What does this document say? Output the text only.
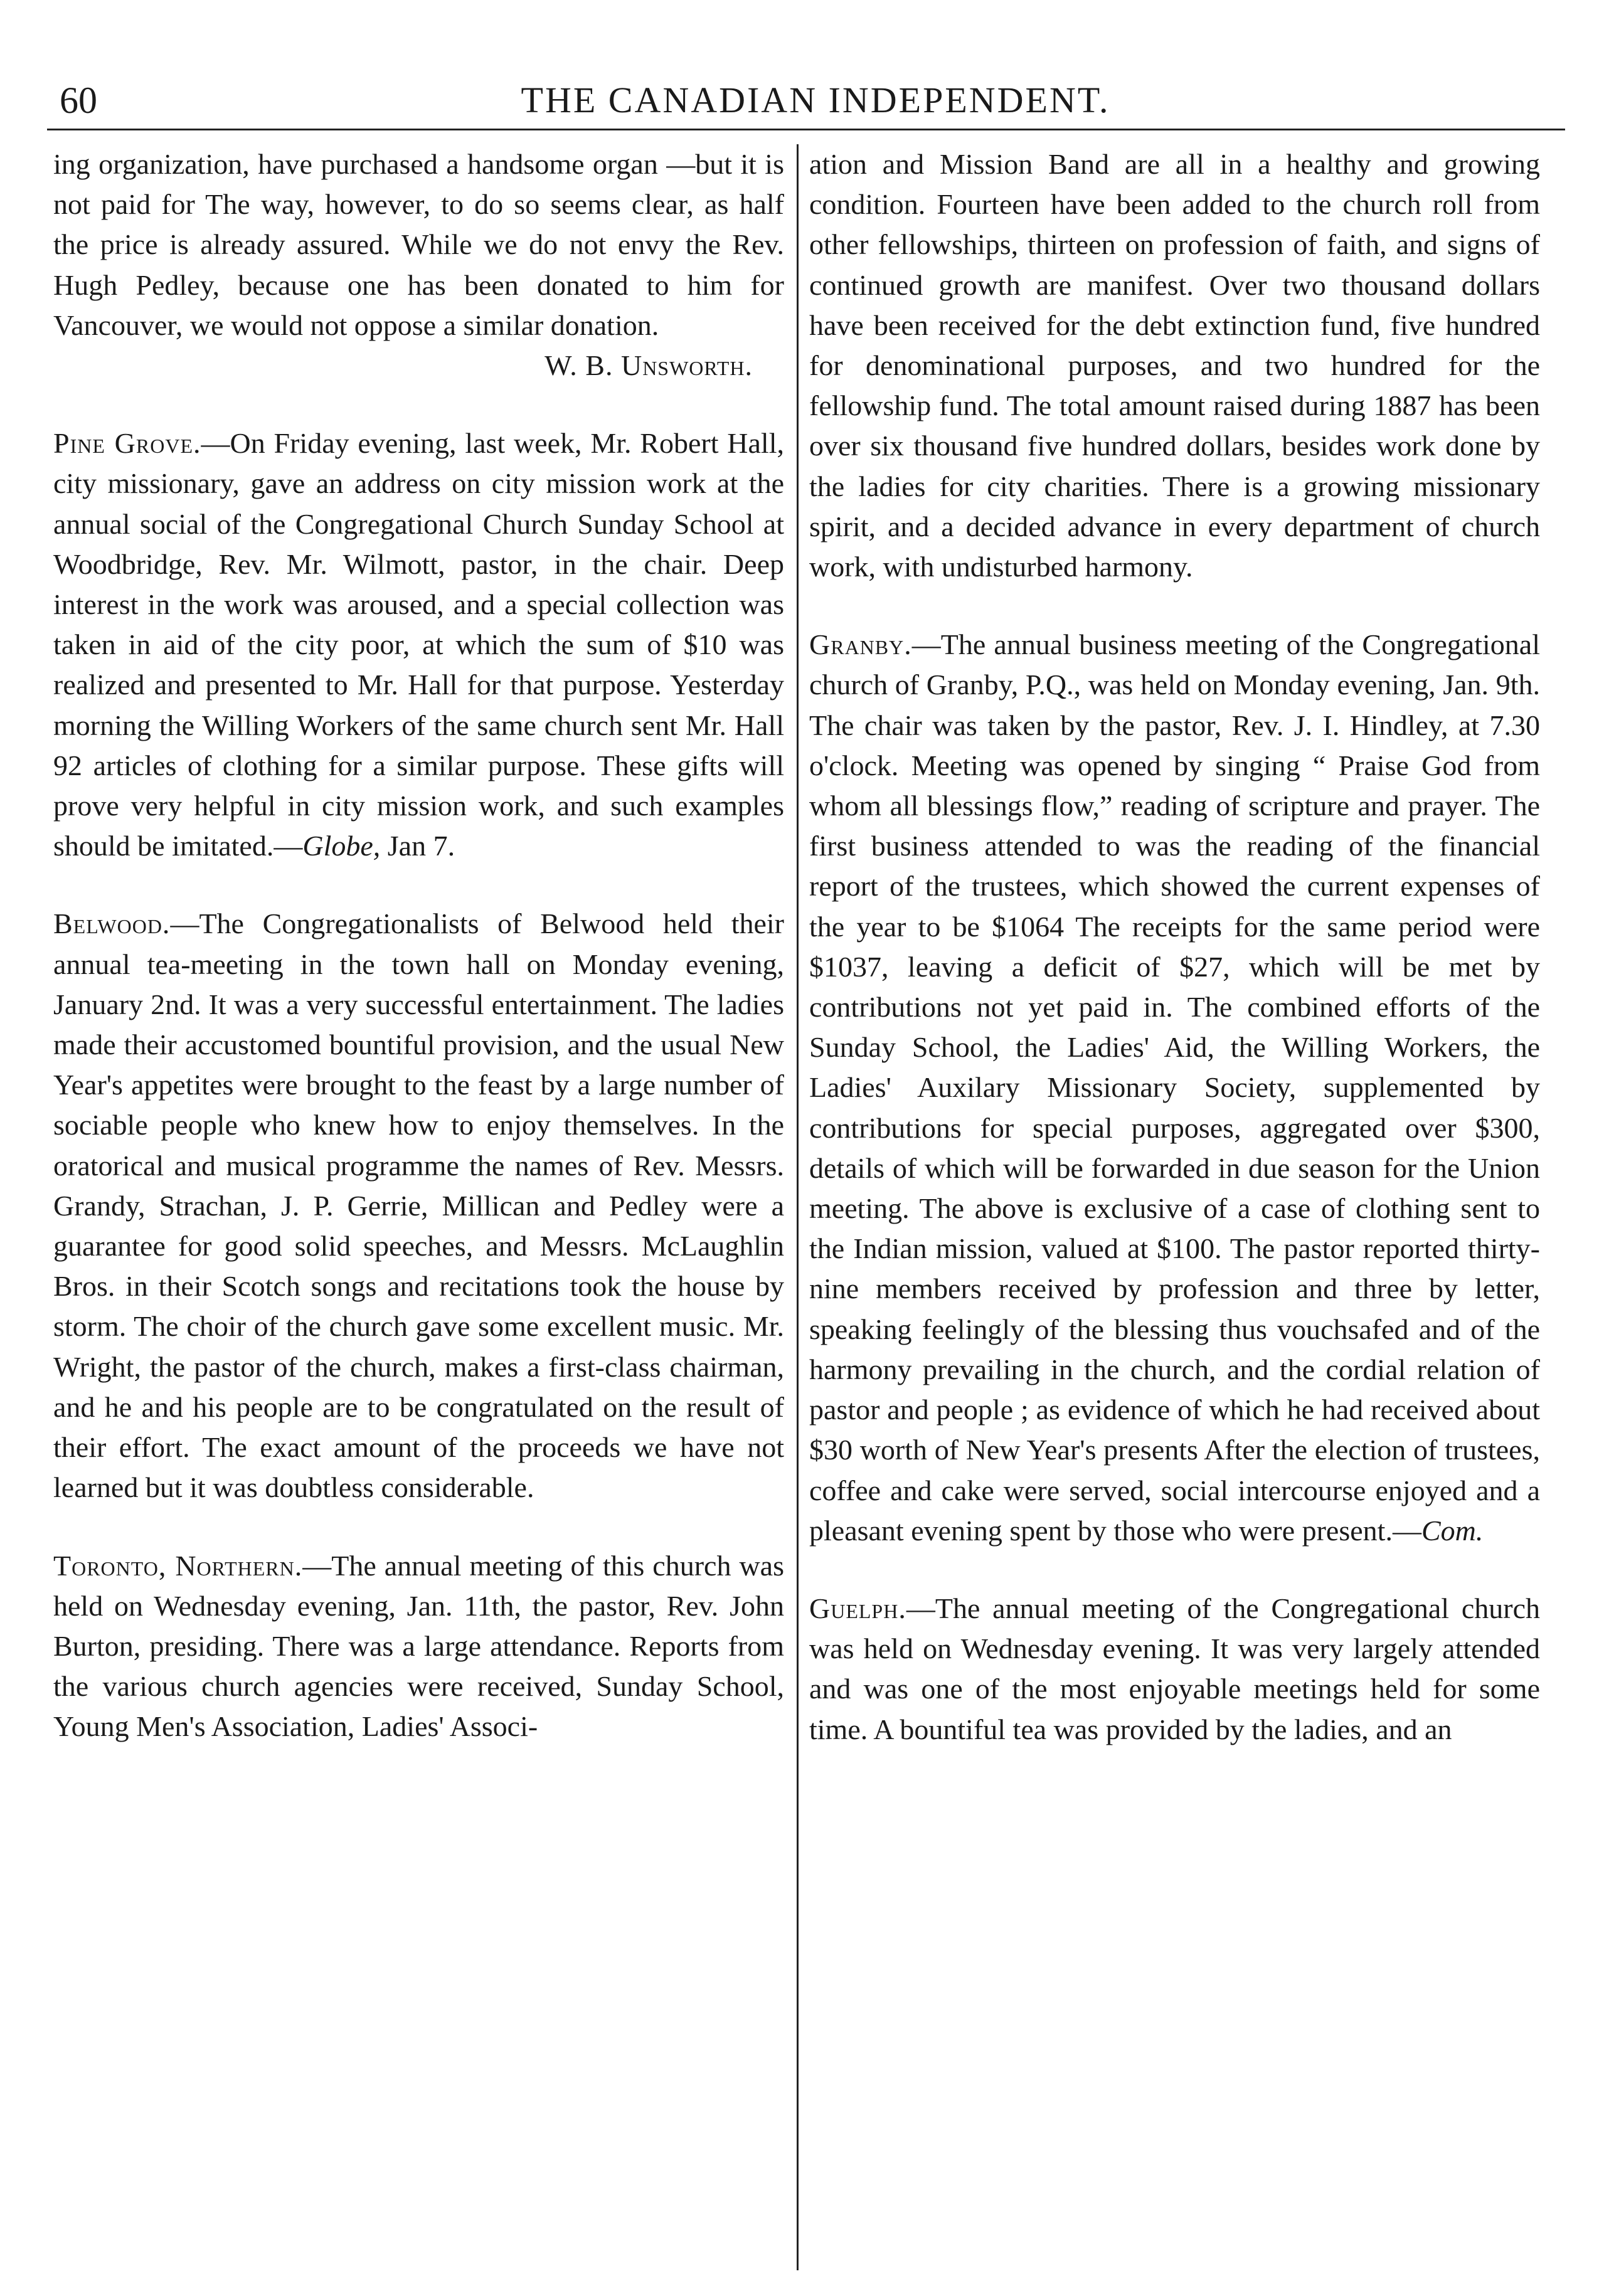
60	THE CANADIAN INDEPENDENT.

ing organization, have purchased a handsome organ —but it is not paid for The way, however, to do so seems clear, as half the price is already assured. While we do not envy the Rev. Hugh Pedley, because one has been donated to him for Vancouver, we would not oppose a similar donation.

W. B. Unsworth.

Pine Grove.—On Friday evening, last week, Mr. Robert Hall, city missionary, gave an address on city mission work at the annual social of the Congregational Church Sunday School at Woodbridge, Rev. Mr. Wilmott, pastor, in the chair. Deep interest in the work was aroused, and a special collection was taken in aid of the city poor, at which the sum of $10 was realized and presented to Mr. Hall for that purpose. Yesterday morning the Willing Workers of the same church sent Mr. Hall 92 articles of clothing for a similar purpose. These gifts will prove very helpful in city mission work, and such examples should be imitated.—Globe, Jan 7.

Belwood.—The Congregationalists of Belwood held their annual tea-meeting in the town hall on Monday evening, January 2nd. It was a very successful entertainment. The ladies made their accustomed bountiful provision, and the usual New Year's appetites were brought to the feast by a large number of sociable people who knew how to enjoy themselves. In the oratorical and musical programme the names of Rev. Messrs. Grandy, Strachan, J. P. Gerrie, Millican and Pedley were a guarantee for good solid speeches, and Messrs. McLaughlin Bros. in their Scotch songs and recitations took the house by storm. The choir of the church gave some excellent music. Mr. Wright, the pastor of the church, makes a first-class chairman, and he and his people are to be congratulated on the result of their effort. The exact amount of the proceeds we have not learned but it was doubtless considerable.

Toronto, Northern.—The annual meeting of this church was held on Wednesday evening, Jan. 11th, the pastor, Rev. John Burton, presiding. There was a large attendance. Reports from the various church agencies were received, Sunday School, Young Men's Association, Ladies' Associ-

ation and Mission Band are all in a healthy and growing condition. Fourteen have been added to the church roll from other fellowships, thirteen on profession of faith, and signs of continued growth are manifest. Over two thousand dollars have been received for the debt extinction fund, five hundred for denominational purposes, and two hundred for the fellowship fund. The total amount raised during 1887 has been over six thousand five hundred dollars, besides work done by the ladies for city charities. There is a growing missionary spirit, and a decided advance in every department of church work, with undisturbed harmony.

Granby.—The annual business meeting of the Congregational church of Granby, P.Q., was held on Monday evening, Jan. 9th. The chair was taken by the pastor, Rev. J. I. Hindley, at 7.30 o'clock. Meeting was opened by singing “ Praise God from whom all blessings flow,” reading of scripture and prayer. The first business attended to was the reading of the financial report of the trustees, which showed the current expenses of the year to be $1064 The receipts for the same period were $1037, leaving a deficit of $27, which will be met by contributions not yet paid in. The combined efforts of the Sunday School, the Ladies' Aid, the Willing Workers, the Ladies' Auxilary Missionary Society, supplemented by contributions for special purposes, aggregated over $300, details of which will be forwarded in due season for the Union meeting. The above is exclusive of a case of clothing sent to the Indian mission, valued at $100. The pastor reported thirty-nine members received by profession and three by letter, speaking feelingly of the blessing thus vouchsafed and of the harmony prevailing in the church, and the cordial relation of pastor and people ; as evidence of which he had received about $30 worth of New Year's presents After the election of trustees, coffee and cake were served, social intercourse enjoyed and a pleasant evening spent by those who were present.—Com.

Guelph.—The annual meeting of the Congregational church was held on Wednesday evening. It was very largely attended and was one of the most enjoyable meetings held for some time. A bountiful tea was provided by the ladies, and an
